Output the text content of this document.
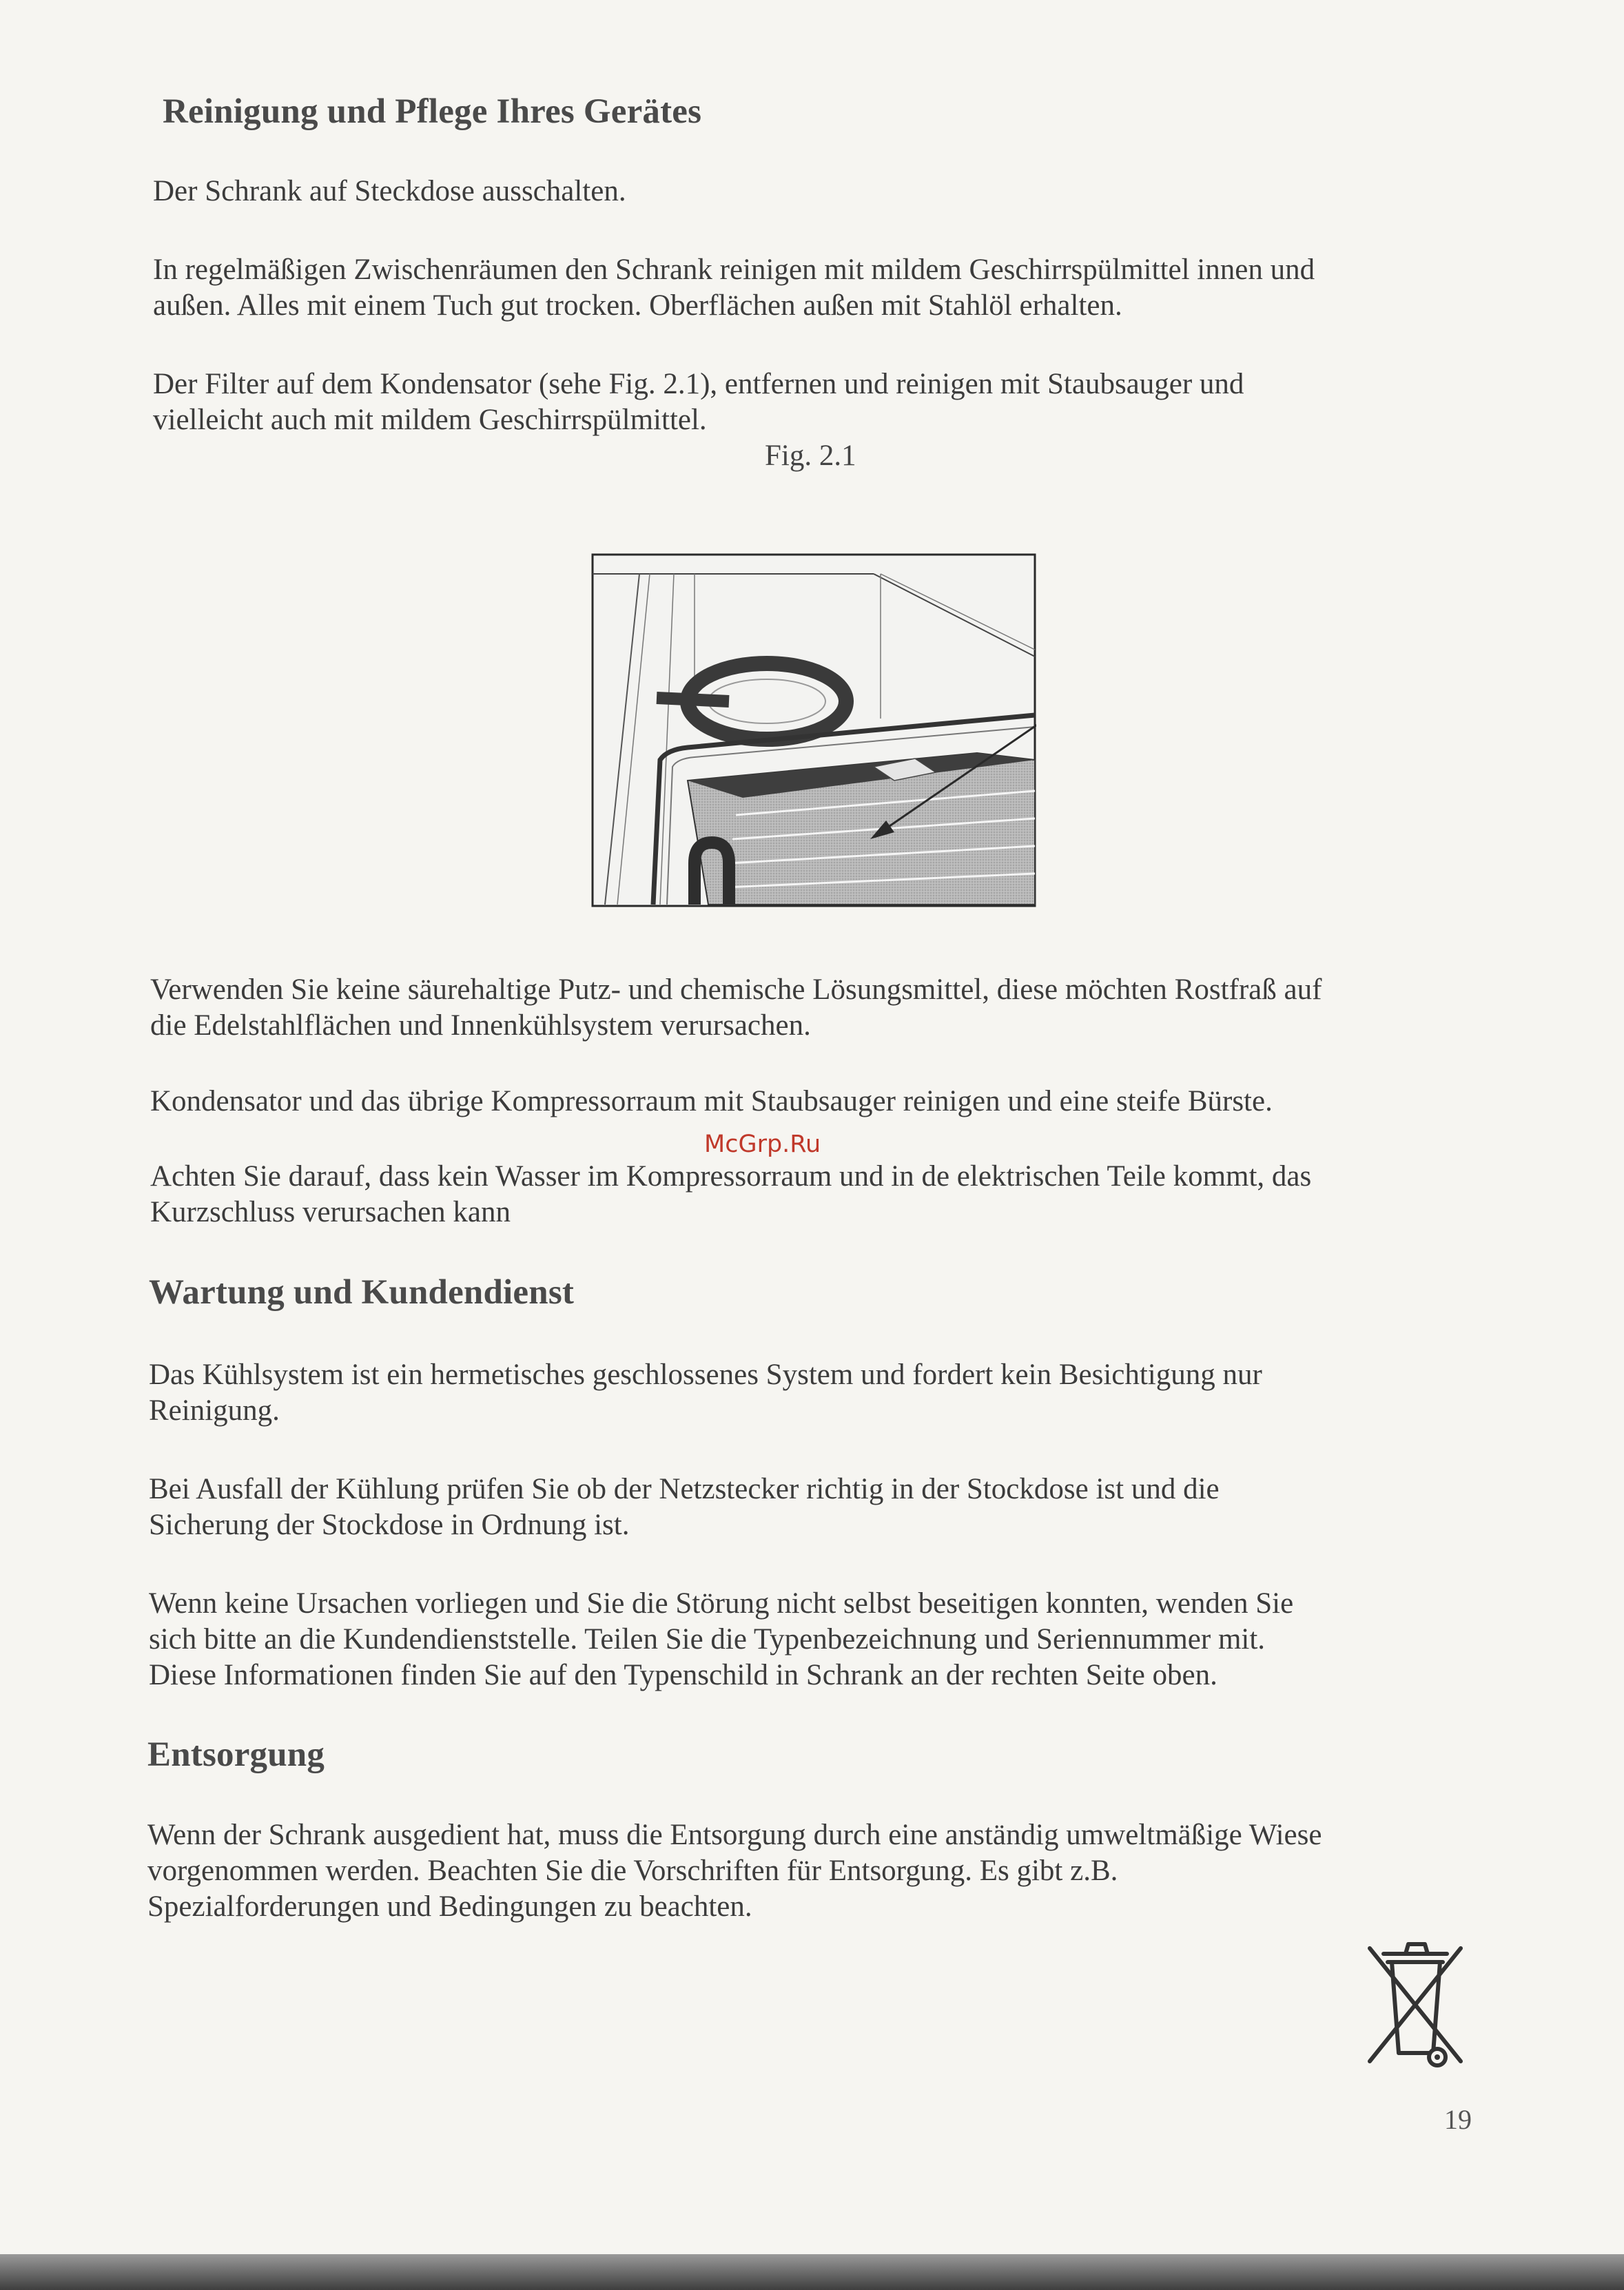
Reinigung und Pflege Ihres Gerätes

Der Schrank auf Steckdose ausschalten.

In regelmäßigen Zwischenräumen den Schrank reinigen mit mildem Geschirrspülmittel innen und
außen. Alles mit einem Tuch gut trocken. Oberflächen außen mit Stahlöl erhalten.

Der Filter auf dem Kondensator (sehe Fig. 2.1), entfernen und reinigen mit Staubsauger und
vielleicht auch mit mildem Geschirrspülmittel.

Fig. 2.1

Verwenden Sie keine säurehaltige Putz- und chemische Lösungsmittel, diese möchten Rostfraß auf
die Edelstahlflächen und Innenkühlsystem verursachen.

Kondensator und das übrige Kompressorraum mit Staubsauger reinigen und eine steife Bürste.

McGrp.Ru

Achten Sie darauf, dass kein Wasser im Kompressorraum und in de elektrischen Teile kommt, das
Kurzschluss verursachen kann

Wartung und Kundendienst

Das Kühlsystem ist ein hermetisches geschlossenes System und fordert kein Besichtigung nur
Reinigung.

Bei Ausfall der Kühlung prüfen Sie ob der Netzstecker richtig in der Stockdose ist und die
Sicherung der Stockdose in Ordnung ist.

Wenn keine Ursachen vorliegen und Sie die Störung nicht selbst beseitigen konnten, wenden Sie
sich bitte an die Kundendienststelle. Teilen Sie die Typenbezeichnung und Seriennummer mit.
Diese Informationen finden Sie auf den Typenschild in Schrank an der rechten Seite oben.

Entsorgung

Wenn der Schrank ausgedient hat, muss die Entsorgung durch eine anständig umweltmäßige Wiese
vorgenommen werden. Beachten Sie die Vorschriften für Entsorgung. Es gibt z.B.
Spezialforderungen und Bedingungen zu beachten.

19
